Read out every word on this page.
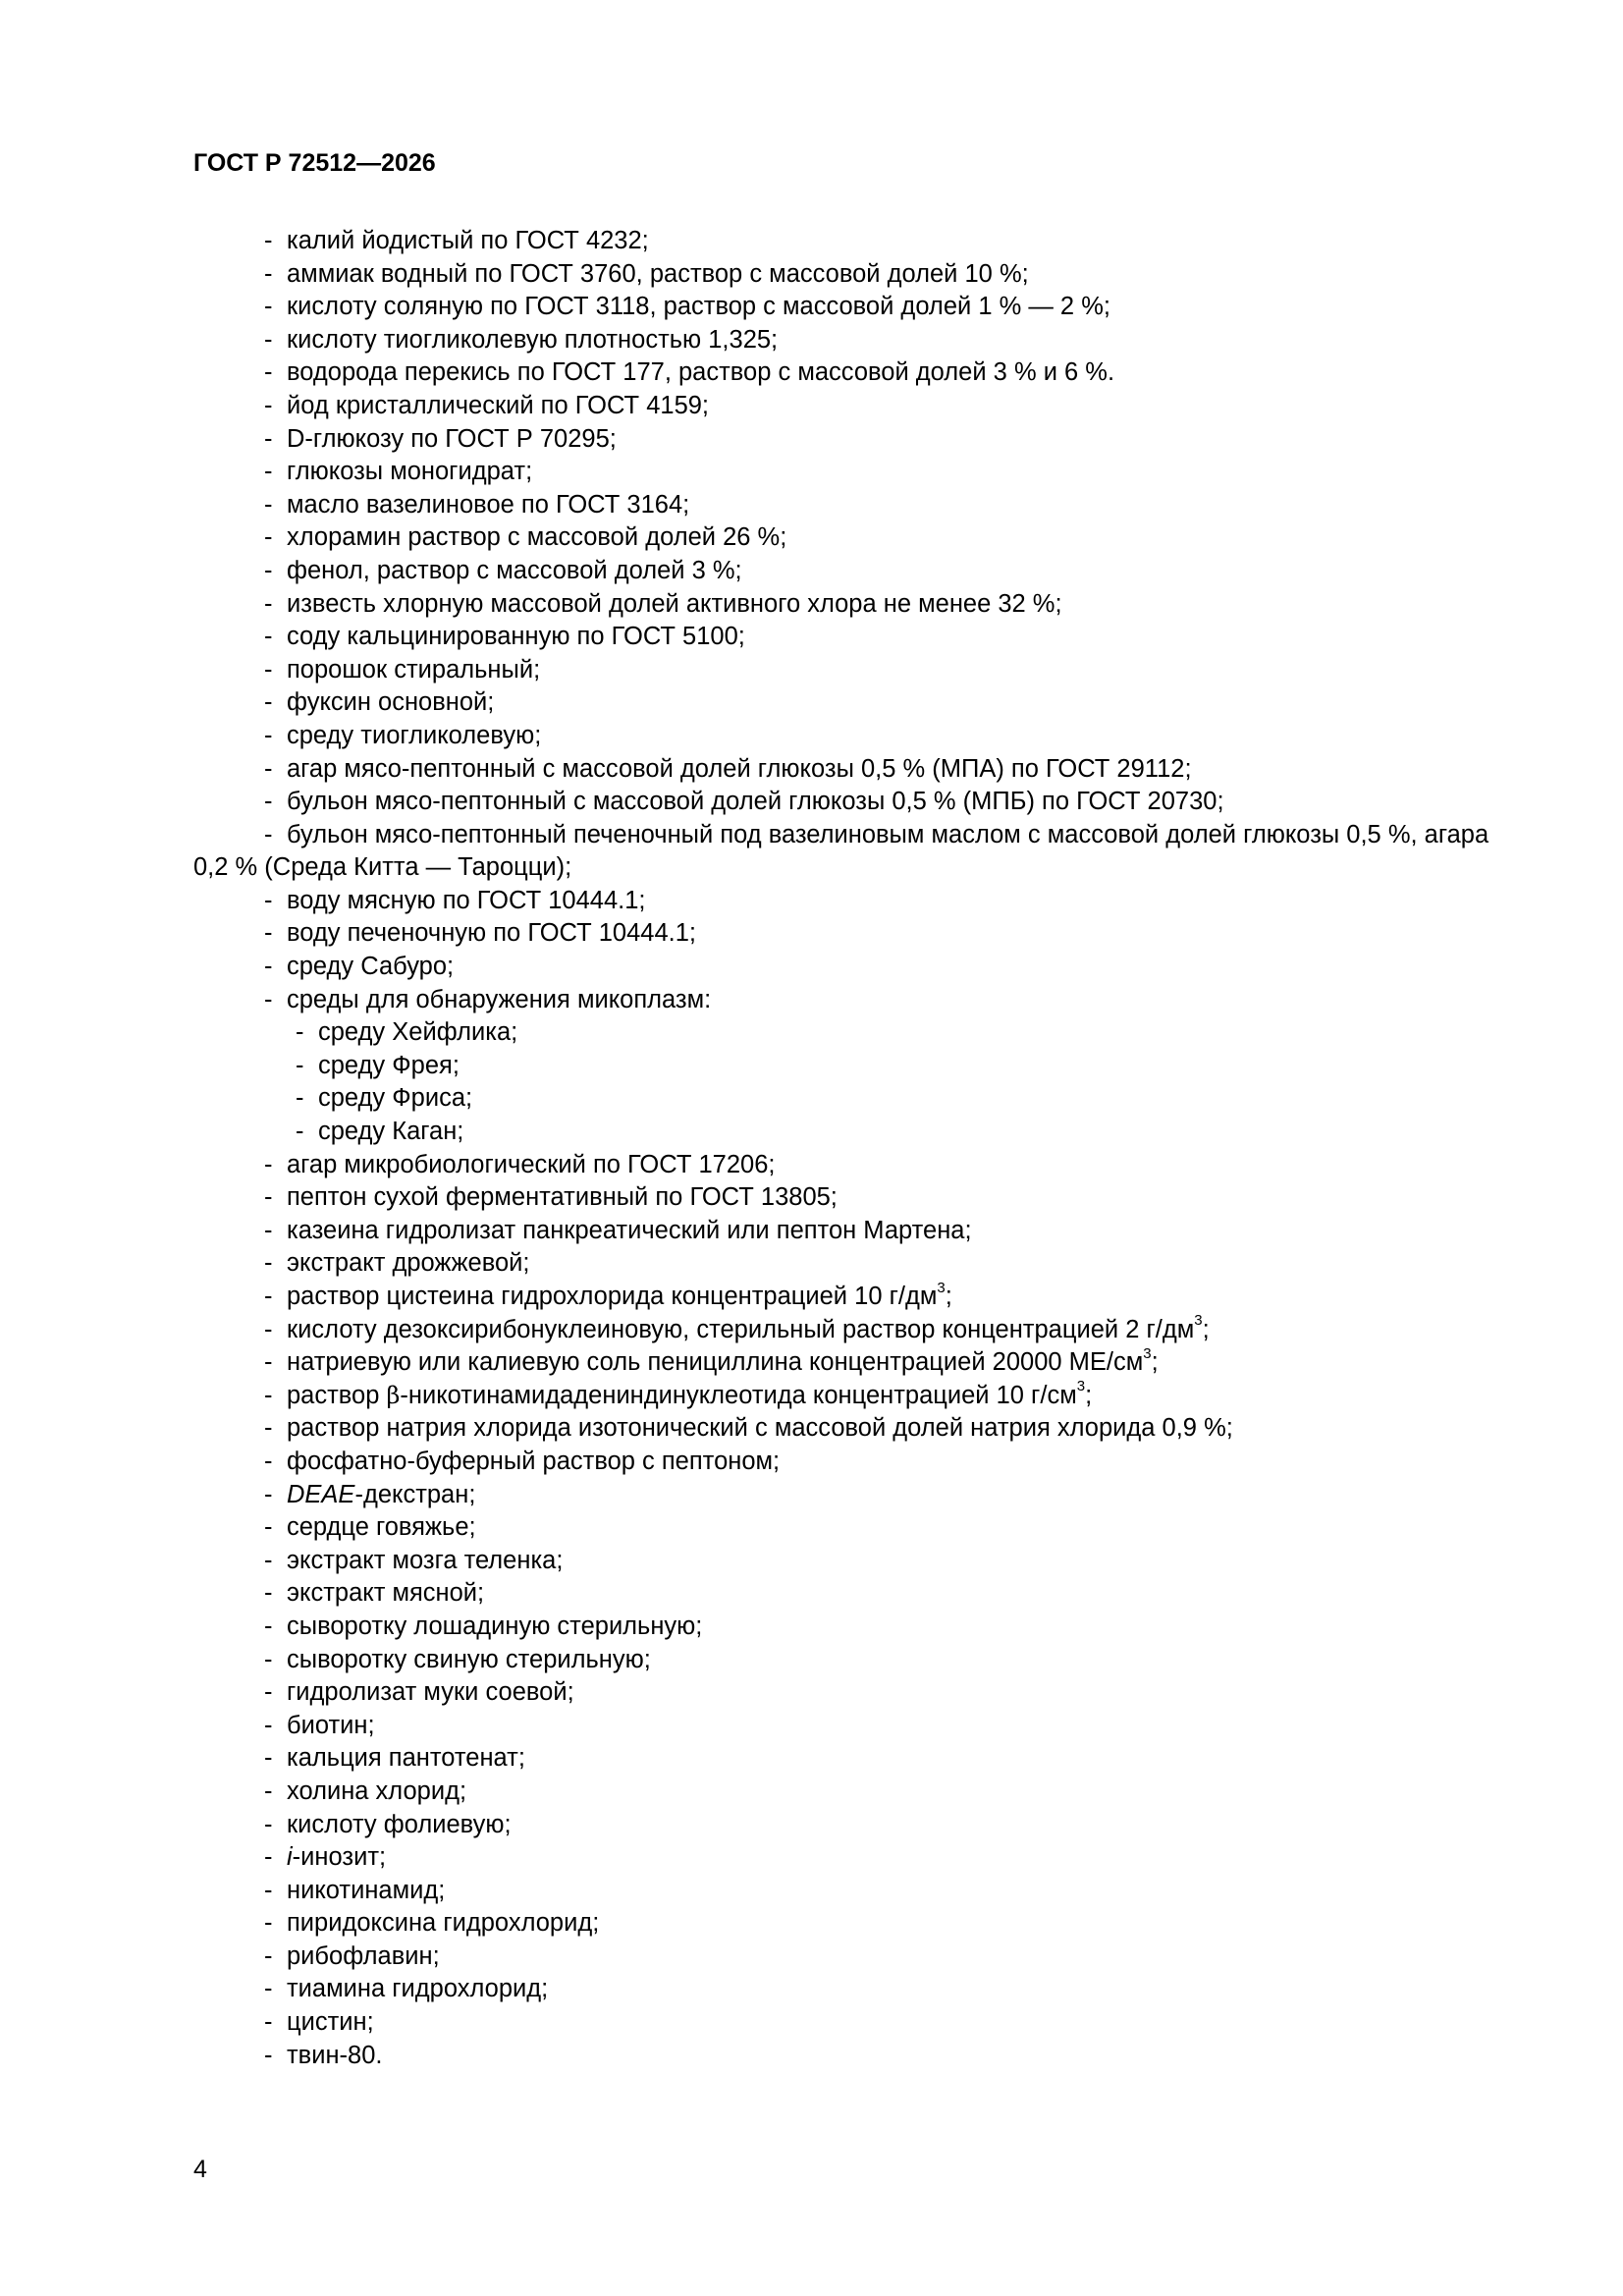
ГОСТ Р 72512—2026
- калий йодистый по ГОСТ 4232;
- аммиак водный по ГОСТ 3760, раствор с массовой долей 10 %;
- кислоту соляную по ГОСТ 3118, раствор с массовой долей 1 % — 2 %;
- кислоту тиогликолевую плотностью 1,325;
- водорода перекись по ГОСТ 177, раствор с массовой долей 3 % и 6 %.
- йод кристаллический по ГОСТ 4159;
- D-глюкозу по ГОСТ Р 70295;
- глюкозы моногидрат;
- масло вазелиновое по ГОСТ 3164;
- хлорамин раствор с массовой долей 26 %;
- фенол, раствор с массовой долей 3 %;
- известь хлорную массовой долей активного хлора не менее 32 %;
- соду кальцинированную по ГОСТ 5100;
- порошок стиральный;
- фуксин основной;
- среду тиогликолевую;
- агар мясо-пептонный с массовой долей глюкозы 0,5 % (МПА) по ГОСТ 29112;
- бульон мясо-пептонный с массовой долей глюкозы 0,5 % (МПБ) по ГОСТ 20730;
- бульон мясо-пептонный печеночный под вазелиновым маслом с массовой долей глюкозы 0,5 %, агара 0,2 % (Среда Китта — Тароцци);
- воду мясную по ГОСТ 10444.1;
- воду печеночную по ГОСТ 10444.1;
- среду Сабуро;
- среды для обнаружения микоплазм:
- среду Хейфлика;
- среду Фрея;
- среду Фриса;
- среду Каган;
- агар микробиологический по ГОСТ 17206;
- пептон сухой ферментативный по ГОСТ 13805;
- казеина гидролизат панкреатический или пептон Мартена;
- экстракт дрожжевой;
- раствор цистеина гидрохлорида концентрацией 10 $г/дм^3$;
- кислоту дезоксирибонуклеиновую, стерильный раствор концентрацией 2 $г/дм^3$;
- натриевую или калиевую соль пенициллина концентрацией 20000 $МЕ/см^3$;
- раствор β-никотинамидадениндинуклеотида концентрацией 10 $г/см^3$;
- раствор натрия хлорида изотонический с массовой долей натрия хлорида 0,9 %;
- фосфатно-буферный раствор с пептоном;
- DEAE-декстран;
- сердце говяжье;
- экстракт мозга теленка;
- экстракт мясной;
- сыворотку лошадиную стерильную;
- сыворотку свиную стерильную;
- гидролизат муки соевой;
- биотин;
- кальция пантотенат;
- холина хлорид;
- кислоту фолиевую;
- i-инозит;
- никотинамид;
- пиридоксина гидрохлорид;
- рибофлавин;
- тиамина гидрохлорид;
- цистин;
- твин-80.
4
